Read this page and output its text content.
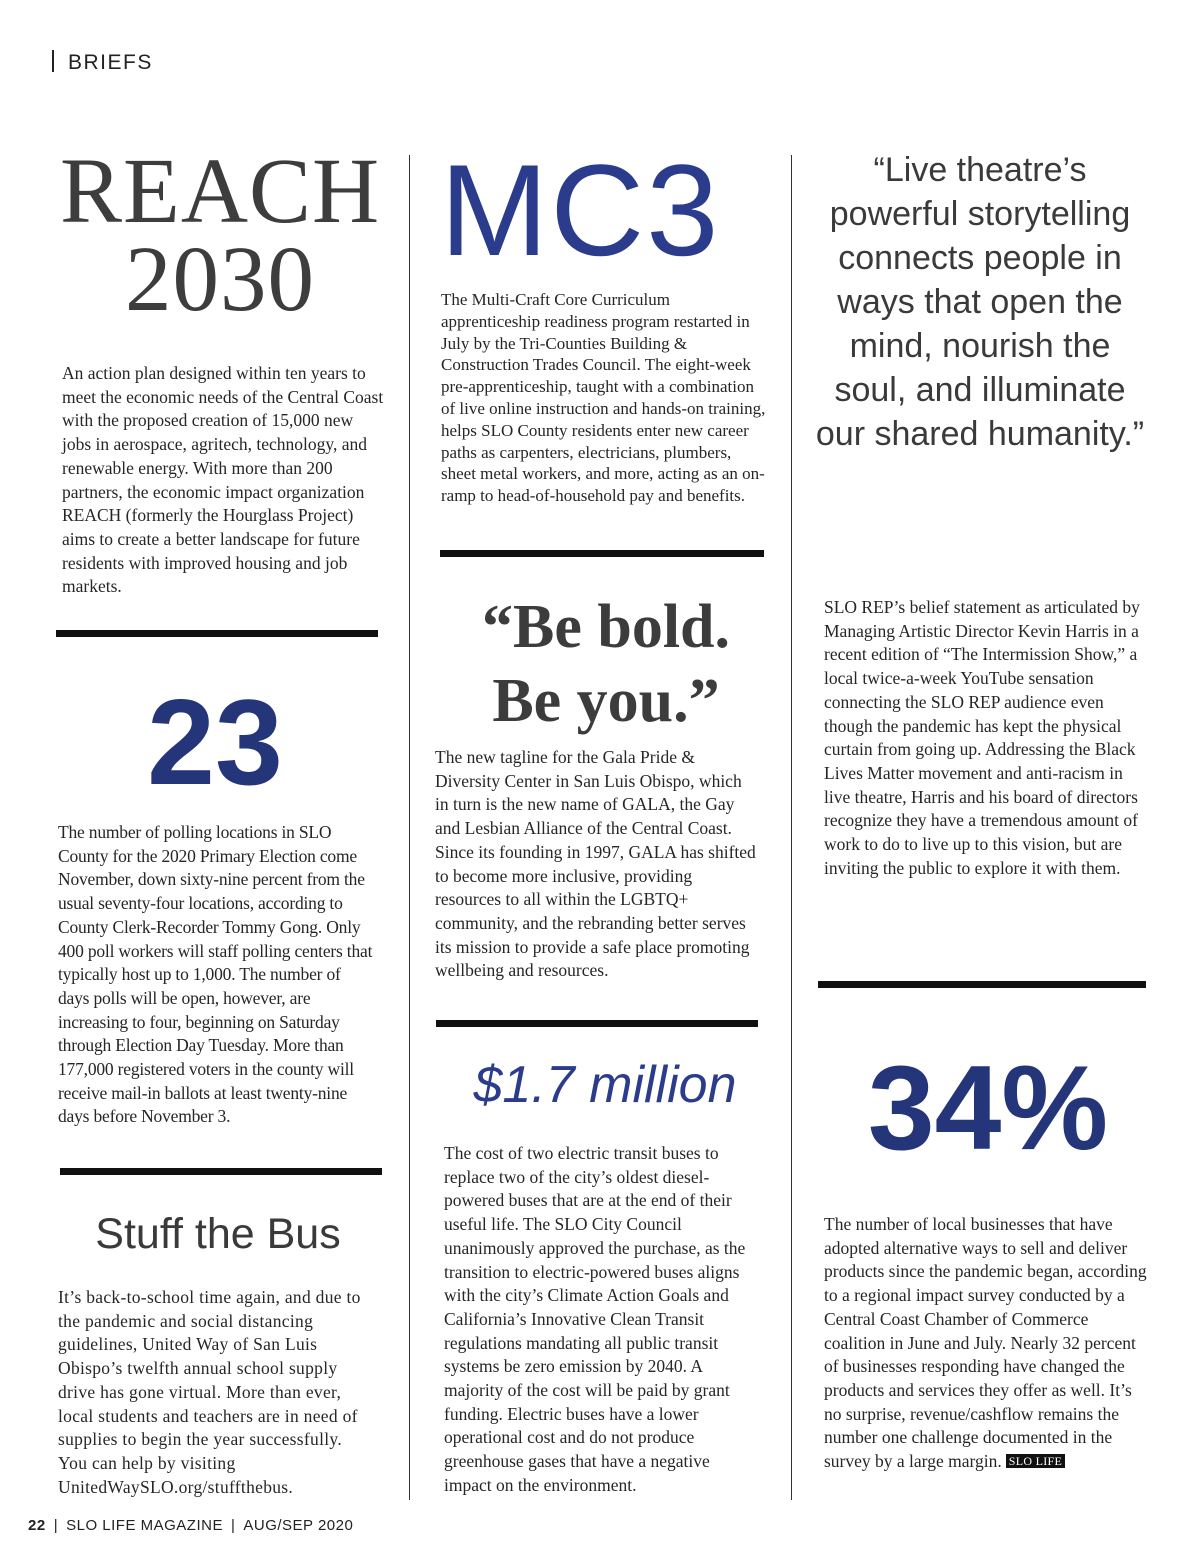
BRIEFS
REACH
2030

An action plan designed within ten years to meet the economic needs of the Central Coast with the proposed creation of 15,000 new jobs in aerospace, agritech, technology, and renewable energy. With more than 200 partners, the economic impact organization REACH (formerly the Hourglass Project) aims to create a better landscape for future residents with improved housing and job markets.

23

The number of polling locations in SLO County for the 2020 Primary Election come November, down sixty-nine percent from the usual seventy-four locations, according to County Clerk-Recorder Tommy Gong. Only 400 poll workers will staff polling centers that typically host up to 1,000. The number of days polls will be open, however, are increasing to four, beginning on Saturday through Election Day Tuesday. More than 177,000 registered voters in the county will receive mail-in ballots at least twenty-nine days before November 3.

Stuff the Bus

It’s back-to-school time again, and due to the pandemic and social distancing guidelines, United Way of San Luis Obispo’s twelfth annual school supply drive has gone virtual. More than ever, local students and teachers are in need of supplies to begin the year successfully. You can help by visiting UnitedWaySLO.org/stuffthebus.

MC3

The Multi-Craft Core Curriculum apprenticeship readiness program restarted in July by the Tri-Counties Building & Construction Trades Council. The eight-week pre-apprenticeship, taught with a combination of live online instruction and hands-on training, helps SLO County residents enter new career paths as carpenters, electricians, plumbers, sheet metal workers, and more, acting as an on-ramp to head-of-household pay and benefits.

“Be bold.
Be you.”

The new tagline for the Gala Pride & Diversity Center in San Luis Obispo, which in turn is the new name of GALA, the Gay and Lesbian Alliance of the Central Coast. Since its founding in 1997, GALA has shifted to become more inclusive, providing resources to all within the LGBTQ+ community, and the rebranding better serves its mission to provide a safe place promoting wellbeing and resources.

$1.7 million

The cost of two electric transit buses to replace two of the city’s oldest diesel-powered buses that are at the end of their useful life. The SLO City Council unanimously approved the purchase, as the transition to electric-powered buses aligns with the city’s Climate Action Goals and California’s Innovative Clean Transit regulations mandating all public transit systems be zero emission by 2040. A majority of the cost will be paid by grant funding. Electric buses have a lower operational cost and do not produce greenhouse gases that have a negative impact on the environment.

“Live theatre’s powerful storytelling connects people in ways that open the mind, nourish the soul, and illuminate our shared humanity.”

SLO REP’s belief statement as articulated by Managing Artistic Director Kevin Harris in a recent edition of “The Intermission Show,” a local twice-a-week YouTube sensation connecting the SLO REP audience even though the pandemic has kept the physical curtain from going up. Addressing the Black Lives Matter movement and anti-racism in live theatre, Harris and his board of directors recognize they have a tremendous amount of work to do to live up to this vision, but are inviting the public to explore it with them.

34%

The number of local businesses that have adopted alternative ways to sell and deliver products since the pandemic began, according to a regional impact survey conducted by a Central Coast Chamber of Commerce coalition in June and July. Nearly 32 percent of businesses responding have changed the products and services they offer as well. It’s no surprise, revenue/cashflow remains the number one challenge documented in the survey by a large margin. SLO LIFE

22 | SLO LIFE MAGAZINE | AUG/SEP 2020
